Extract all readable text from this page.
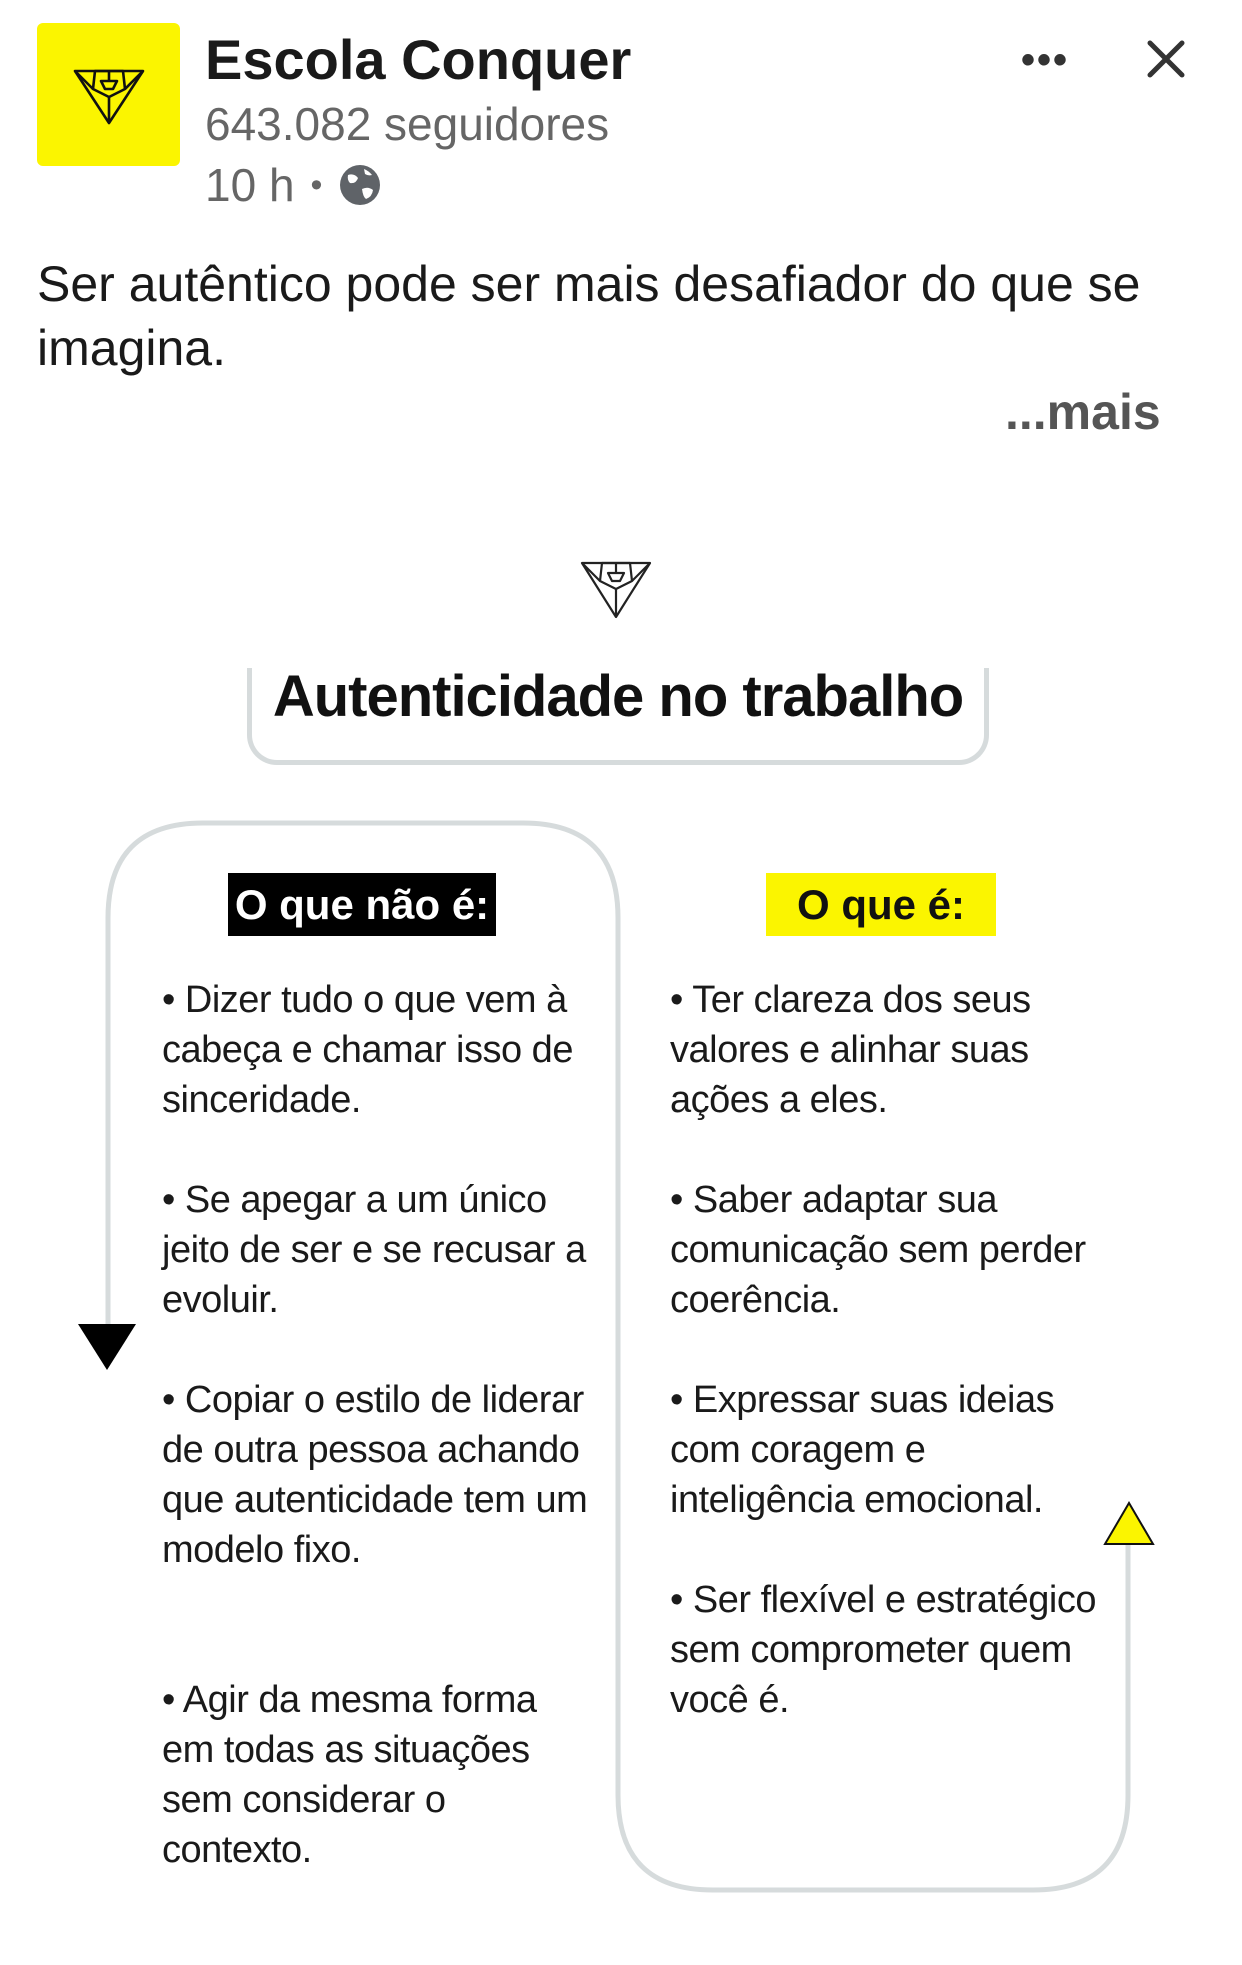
Escola Conquer
643.082 seguidores
10 h •
•••
Ser autêntico pode ser mais desafiador do que se imagina.
...mais
Autenticidade no trabalho
O que não é:	O que é:
• Dizer tudo o que vem à cabeça e chamar isso de sinceridade.
• Se apegar a um único jeito de ser e se recusar a evoluir.
• Copiar o estilo de liderar de outra pessoa achando que autenticidade tem um modelo fixo.
• Agir da mesma forma em todas as situações sem considerar o contexto.
• Ter clareza dos seus valores e alinhar suas ações a eles.
• Saber adaptar sua comunicação sem perder coerência.
• Expressar suas ideias com coragem e inteligência emocional.
• Ser flexível e estratégico sem comprometer quem você é.
